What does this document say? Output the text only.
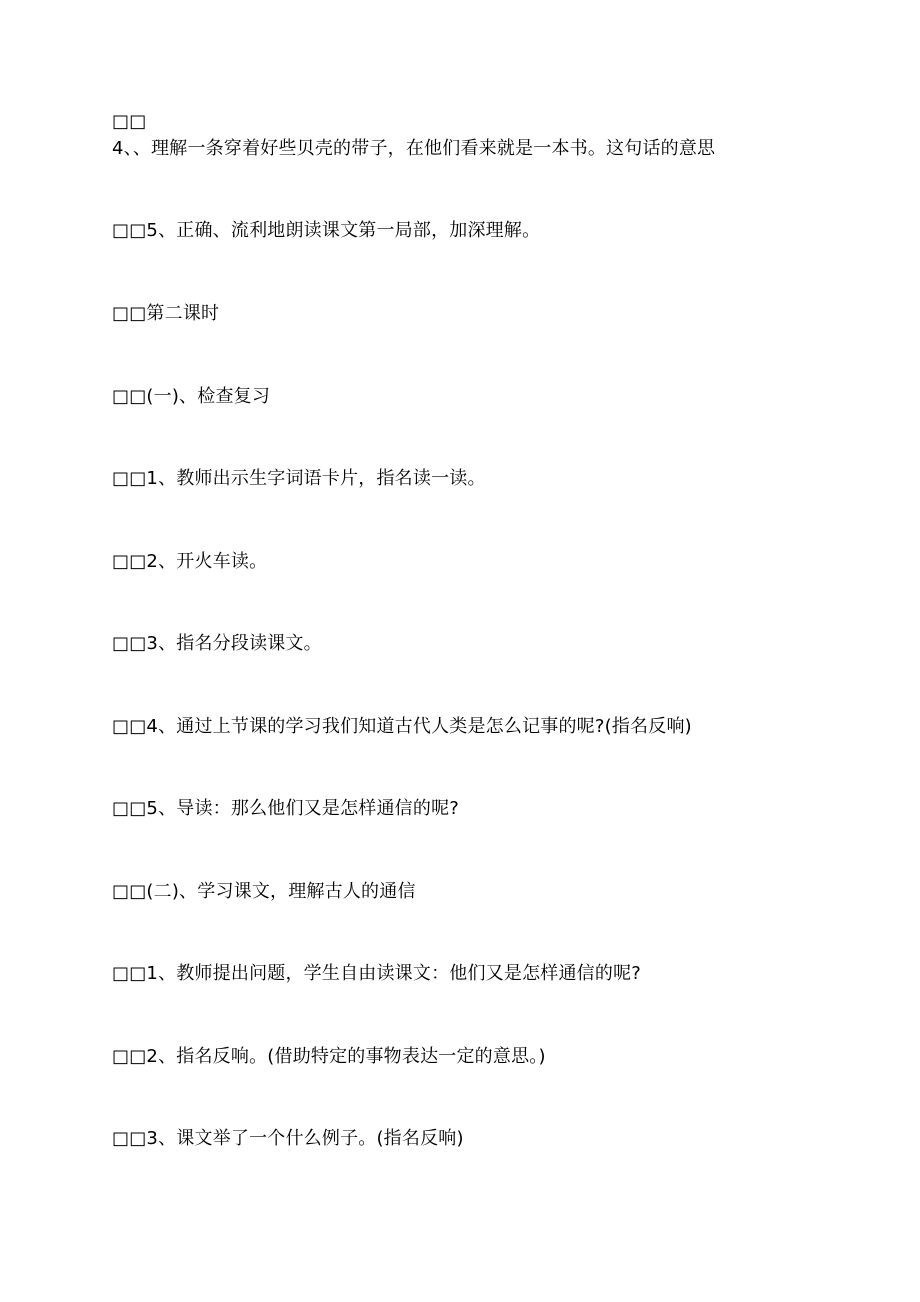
□□
4、、理解一条穿着好些贝壳的带子，在他们看来就是一本书。这句话的意思
□□5、正确、流利地朗读课文第一局部，加深理解。
□□第二课时
□□(一)、检查复习
□□1、教师出示生字词语卡片，指名读一读。
□□2、开火车读。
□□3、指名分段读课文。
□□4、通过上节课的学习我们知道古代人类是怎么记事的呢?(指名反响)
□□5、导读：那么他们又是怎样通信的呢?
□□(二)、学习课文，理解古人的通信
□□1、教师提出问题，学生自由读课文：他们又是怎样通信的呢?
□□2、指名反响。(借助特定的事物表达一定的意思。)
□□3、课文举了一个什么例子。(指名反响)
